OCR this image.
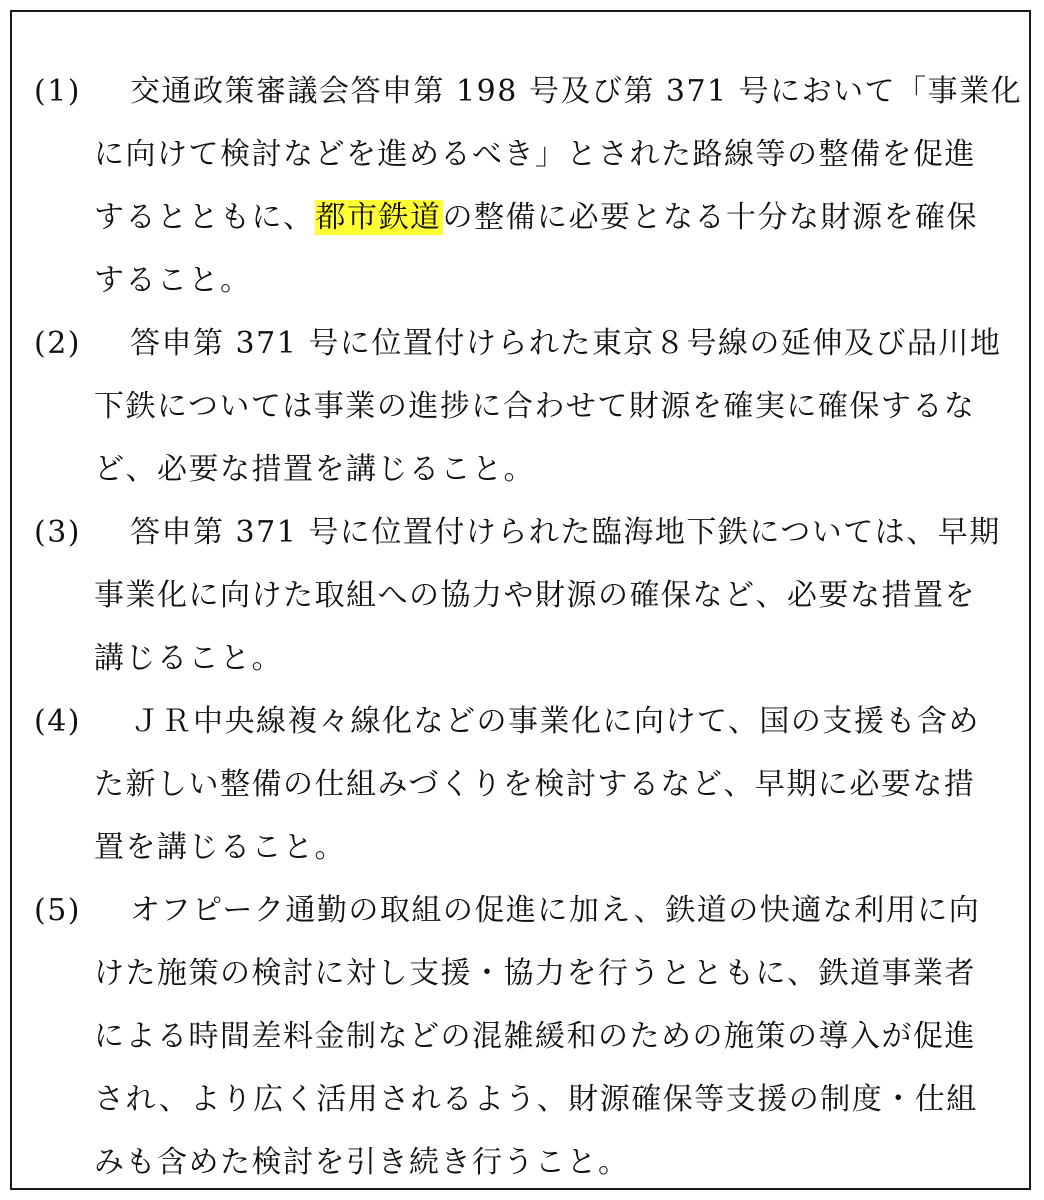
(1) 交通政策審議会答申第 198 号及び第 371 号において「事業化
に向けて検討などを進めるべき」とされた路線等の整備を促進
するとともに、都市鉄道の整備に必要となる十分な財源を確保
すること。
(2) 答申第 371 号に位置付けられた東京８号線の延伸及び品川地
下鉄については事業の進捗に合わせて財源を確実に確保するな
ど、必要な措置を講じること。
(3) 答申第 371 号に位置付けられた臨海地下鉄については、早期
事業化に向けた取組への協力や財源の確保など、必要な措置を
講じること。
(4) ＪＲ中央線複々線化などの事業化に向けて、国の支援も含め
た新しい整備の仕組みづくりを検討するなど、早期に必要な措
置を講じること。
(5) オフピーク通勤の取組の促進に加え、鉄道の快適な利用に向
けた施策の検討に対し支援・協力を行うとともに、鉄道事業者
による時間差料金制などの混雑緩和のための施策の導入が促進
され、より広く活用されるよう、財源確保等支援の制度・仕組
みも含めた検討を引き続き行うこと。
